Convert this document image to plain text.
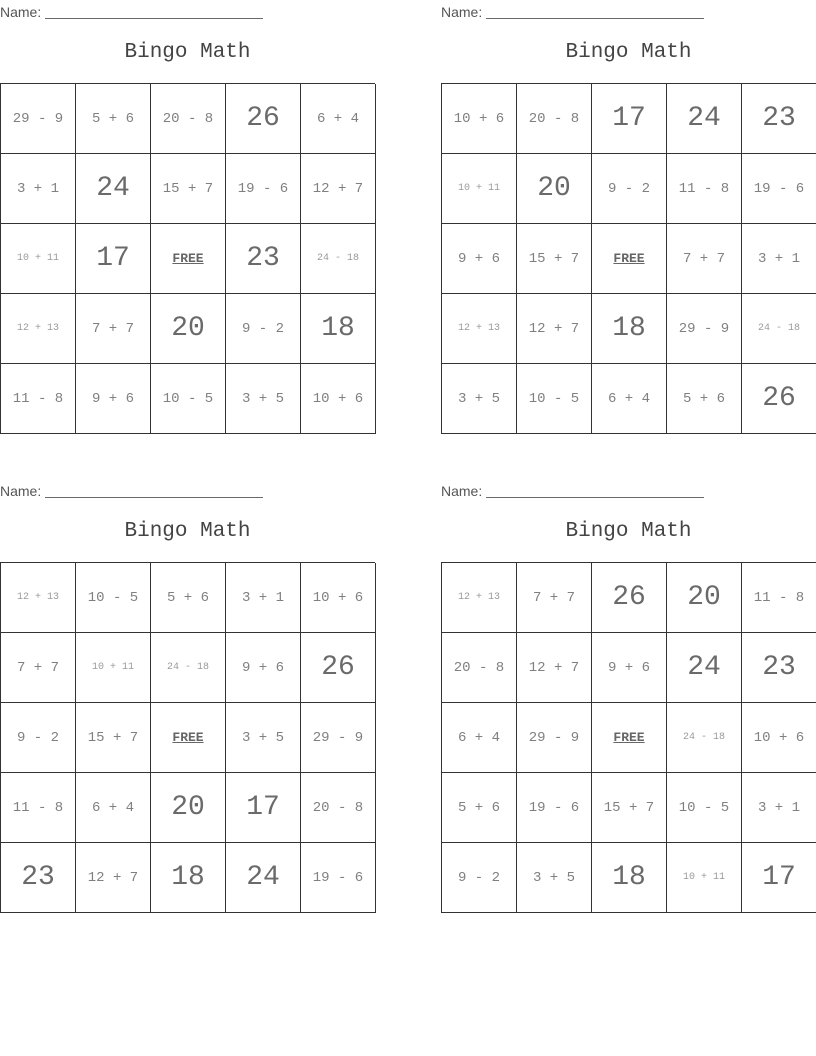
Name:
Bingo Math
29 - 9	5 + 6	20 - 8	26	6 + 4
3 + 1	24	15 + 7	19 - 6	12 + 7
10 + 11	17	FREE	23	24 - 18
12 + 13	7 + 7	20	9 - 2	18
11 - 8	9 + 6	10 - 5	3 + 5	10 + 6
Name:
Bingo Math
10 + 6	20 - 8	17	24	23
10 + 11	20	9 - 2	11 - 8	19 - 6
9 + 6	15 + 7	FREE	7 + 7	3 + 1
12 + 13	12 + 7	18	29 - 9	24 - 18
3 + 5	10 - 5	6 + 4	5 + 6	26
Name:
Bingo Math
12 + 13	10 - 5	5 + 6	3 + 1	10 + 6
7 + 7	10 + 11	24 - 18	9 + 6	26
9 - 2	15 + 7	FREE	3 + 5	29 - 9
11 - 8	6 + 4	20	17	20 - 8
23	12 + 7	18	24	19 - 6
Name:
Bingo Math
12 + 13	7 + 7	26	20	11 - 8
20 - 8	12 + 7	9 + 6	24	23
6 + 4	29 - 9	FREE	24 - 18	10 + 6
5 + 6	19 - 6	15 + 7	10 - 5	3 + 1
9 - 2	3 + 5	18	10 + 11	17
